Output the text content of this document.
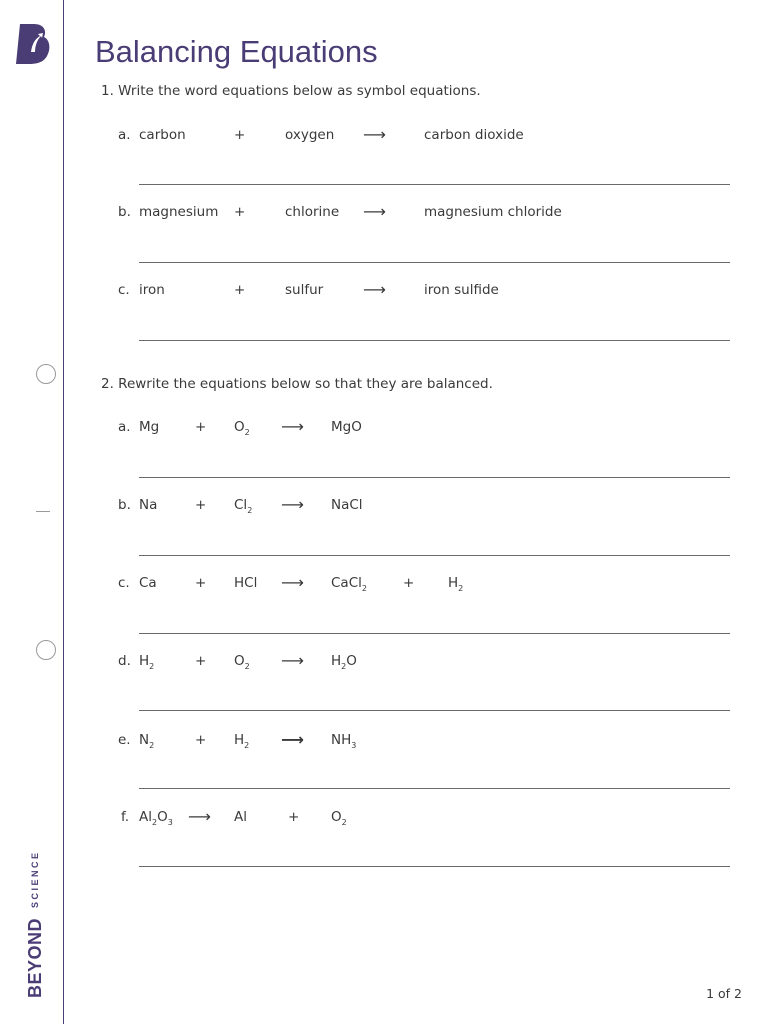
BEYOND
SCIENCE
Balancing Equations
1. Write the word equations below as symbol equations.
a. carbon	+	oxygen ⟶	carbon dioxide
b. magnesium +	chlorine ⟶	magnesium chloride
c. iron	+	sulfur ⟶	iron sulfide
2. Rewrite the equations below so that they are balanced.
a. Mg	+ $O_2$ ⟶ MgO
b. Na	+ $Cl_2$ ⟶ NaCl
c. Ca	+ HCl ⟶ CaCl$_2$	+ $H_2$
d. $H_2$	+ $O_2$ ⟶ $H_2O$
e. $N_2$	+ $H_2$ ⟶ $NH_3$
f. $Al_2O_3$ ⟶ Al	+ $O_2$
1 of 2
